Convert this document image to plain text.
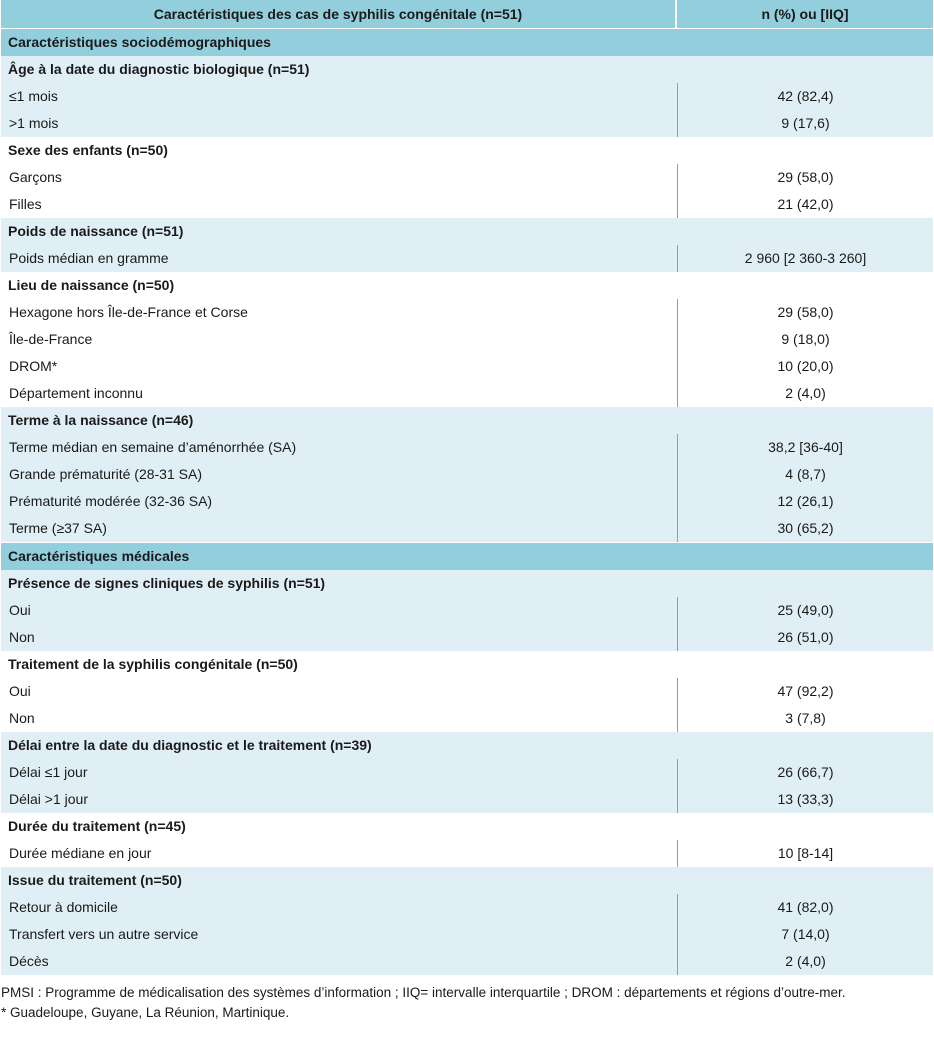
Caractéristiques des cas de syphilis congénitale (n=51)	n (%) ou [IIQ]
Caractéristiques sociodémographiques	
Âge à la date du diagnostic biologique (n=51)	
≤1 mois	42 (82,4)
>1 mois	9 (17,6)
Sexe des enfants (n=50)	
Garçons	29 (58,0)
Filles	21 (42,0)
Poids de naissance (n=51)	
Poids médian en gramme	2 960 [2 360-3 260]
Lieu de naissance (n=50)	
Hexagone hors Île-de-France et Corse	29 (58,0)
Île-de-France	9 (18,0)
DROM*	10 (20,0)
Département inconnu	2 (4,0)
Terme à la naissance (n=46)	
Terme médian en semaine d’aménorrhée (SA)	38,2 [36-40]
Grande prématurité (28-31 SA)	4 (8,7)
Prématurité modérée (32-36 SA)	12 (26,1)
Terme (≥37 SA)	30 (65,2)
Caractéristiques médicales	
Présence de signes cliniques de syphilis (n=51)	
Oui	25 (49,0)
Non	26 (51,0)
Traitement de la syphilis congénitale (n=50)	
Oui	47 (92,2)
Non	3 (7,8)
Délai entre la date du diagnostic et le traitement (n=39)	
Délai ≤1 jour	26 (66,7)
Délai >1 jour	13 (33,3)
Durée du traitement (n=45)	
Durée médiane en jour	10 [8-14]
Issue du traitement (n=50)	
Retour à domicile	41 (82,0)
Transfert vers un autre service	7 (14,0)
Décès	2 (4,0)
PMSI : Programme de médicalisation des systèmes d’information ; IIQ= intervalle interquartile ; DROM : départements et régions d’outre-mer.
* Guadeloupe, Guyane, La Réunion, Martinique.
